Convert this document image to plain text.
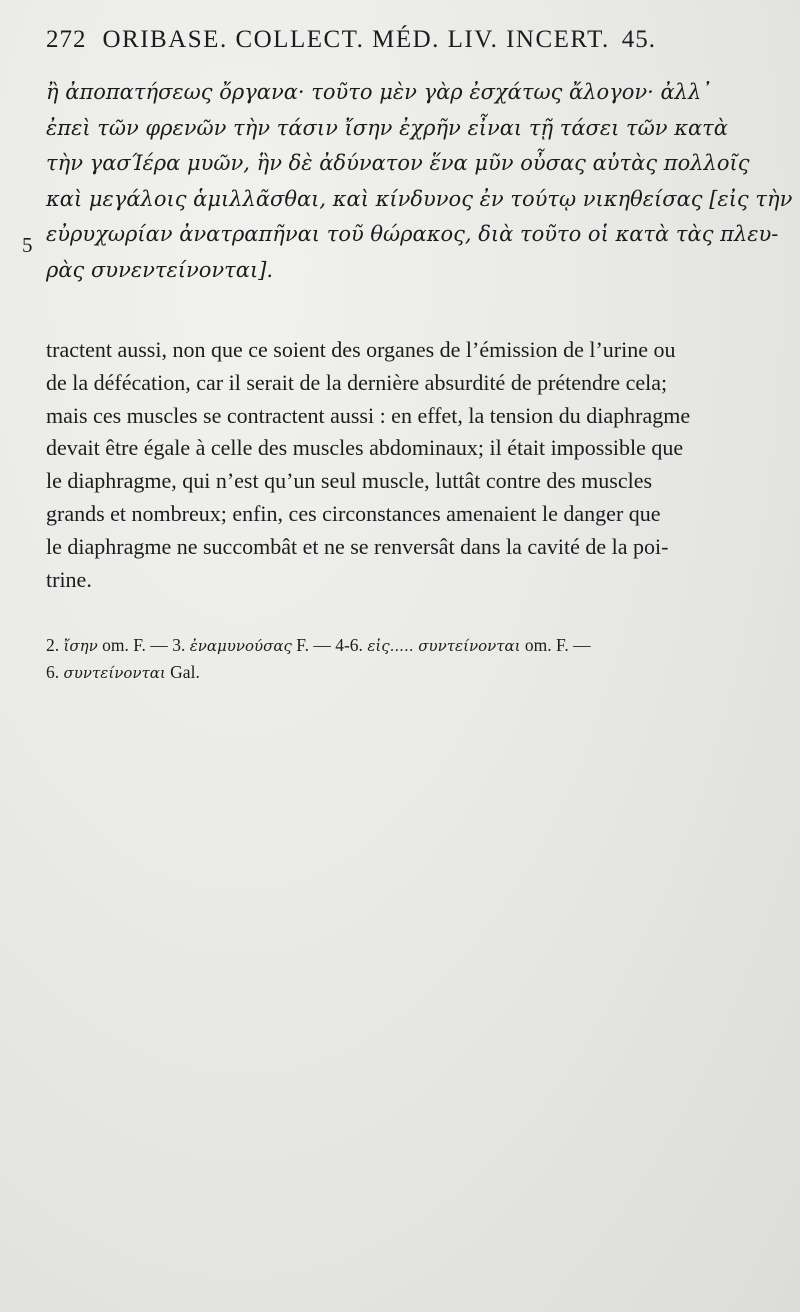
272 ORIBASE. COLLECT. MÉD. LIV. INCERT. 45.
ἢ ἀποπατήσεως ὄργανα· τοῦτο μὲν γὰρ ἐσχάτως ἄλογον· ἀλλ᾽
ἐπεὶ τῶν φρενῶν τὴν τάσιν ἴσην ἐχρῆν εἶναι τῇ τάσει τῶν κατὰ
τὴν γασΊέρα μυῶν, ἣν δὲ ἀδύνατον ἕνα μῦν οὖσας αὐτὰς πολλοῖς
καὶ μεγάλοις ἁμιλλᾶσθαι, καὶ κίνδυνος ἐν τούτῳ νικηθείσας [εἰς τὴν
εὐρυχωρίαν ἀνατραπῆναι τοῦ θώρακος, διὰ τοῦτο οἱ κατὰ τὰς πλευ-
ρὰς συνεντείνονται].
5
tractent aussi, non que ce soient des organes de l’émission de l’urine ou
de la défécation, car il serait de la dernière absurdité de prétendre cela;
mais ces muscles se contractent aussi : en effet, la tension du diaphragme
devait être égale à celle des muscles abdominaux; il était impossible que
le diaphragme, qui n’est qu’un seul muscle, luttât contre des muscles
grands et nombreux; enfin, ces circonstances amenaient le danger que
le diaphragme ne succombât et ne se renversât dans la cavité de la poi-
trine.
2. ἴσην om. F. — 3. ἐναμυνούσας F. — 4-6. εἰς..... συντείνονται om. F. —
6. συντείνονται Gal.
